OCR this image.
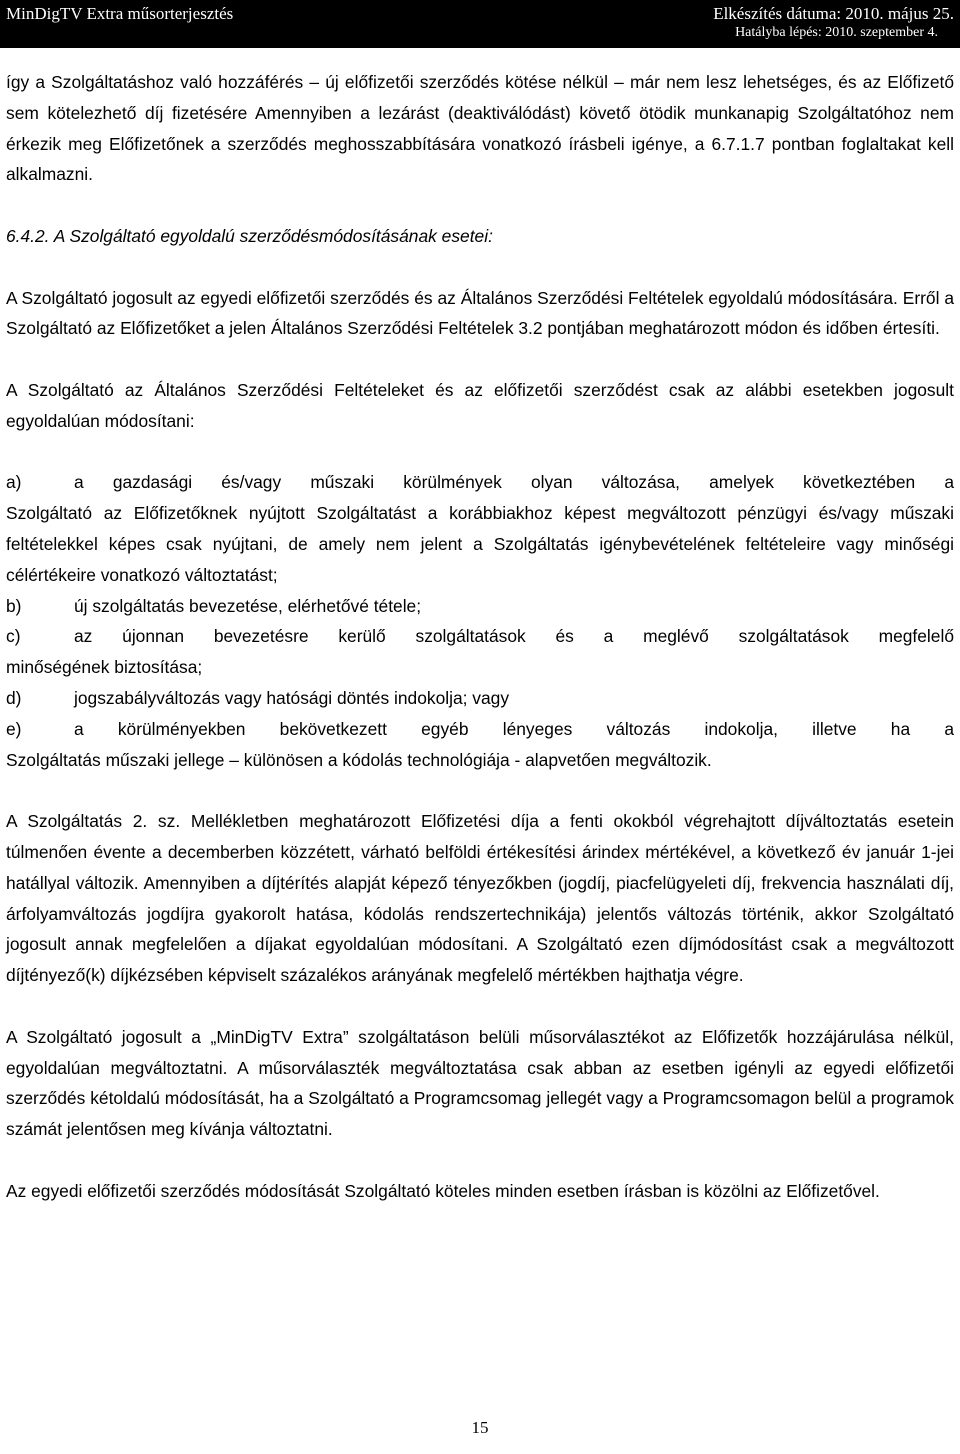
MinDigTV Extra műsorterjesztés	Elkészítés dátuma: 2010. május 25.
Hatályba lépés: 2010. szeptember 4.

így a Szolgáltatáshoz való hozzáférés – új előfizetői szerződés kötése nélkül – már nem lesz lehetséges, és az Előfizető sem kötelezhető díj fizetésére Amennyiben a lezárást (deaktiválódást) követő ötödik munkanapig Szolgáltatóhoz nem érkezik meg Előfizetőnek a szerződés meghosszabbítására vonatkozó írásbeli igénye, a 6.7.1.7 pontban foglaltakat kell alkalmazni.

6.4.2. A Szolgáltató egyoldalú szerződésmódosításának esetei:

A Szolgáltató jogosult az egyedi előfizetői szerződés és az Általános Szerződési Feltételek egyoldalú módosítására. Erről a Szolgáltató az Előfizetőket a jelen Általános Szerződési Feltételek 3.2 pontjában meghatározott módon és időben értesíti.

A Szolgáltató az Általános Szerződési Feltételeket és az előfizetői szerződést csak az alábbi esetekben jogosult egyoldalúan módosítani:

a)	a gazdasági és/vagy műszaki körülmények olyan változása, amelyek következtében a

Szolgáltató az Előfizetőknek nyújtott Szolgáltatást a korábbiakhoz képest megváltozott pénzügyi és/vagy műszaki feltételekkel képes csak nyújtani, de amely nem jelent a Szolgáltatás igénybevételének feltételeire vagy minőségi célértékeire vonatkozó változtatást;

b)	új szolgáltatás bevezetése, elérhetővé tétele;
c)	az újonnan bevezetésre kerülő szolgáltatások és a meglévő szolgáltatások megfelelő

minőségének biztosítása;

d)	jogszabályváltozás vagy hatósági döntés indokolja; vagy
e)	a körülményekben bekövetkezett egyéb lényeges változás indokolja, illetve ha a

Szolgáltatás műszaki jellege – különösen a kódolás technológiája - alapvetően megváltozik.

A Szolgáltatás 2. sz. Mellékletben meghatározott Előfizetési díja a fenti okokból végrehajtott díjváltoztatás esetein túlmenően évente a decemberben közzétett, várható belföldi értékesítési árindex mértékével, a következő év január 1-jei hatállyal változik. Amennyiben a díjtérítés alapját képező tényezőkben (jogdíj, piacfelügyeleti díj, frekvencia használati díj, árfolyamváltozás jogdíjra gyakorolt hatása, kódolás rendszertechnikája) jelentős változás történik, akkor Szolgáltató jogosult annak megfelelően a díjakat egyoldalúan módosítani. A Szolgáltató ezen díjmódosítást csak a megváltozott díjtényező(k) díjkézsében képviselt százalékos arányának megfelelő mértékben hajthatja végre.

A Szolgáltató jogosult a „MinDigTV Extra” szolgáltatáson belüli műsorválasztékot az Előfizetők hozzájárulása nélkül, egyoldalúan megváltoztatni. A műsorválaszték megváltoztatása csak abban az esetben igényli az egyedi előfizetői szerződés kétoldalú módosítását, ha a Szolgáltató a Programcsomag jellegét vagy a Programcsomagon belül a programok számát jelentősen meg kívánja változtatni.

Az egyedi előfizetői szerződés módosítását Szolgáltató köteles minden esetben írásban is közölni az Előfizetővel.

15
